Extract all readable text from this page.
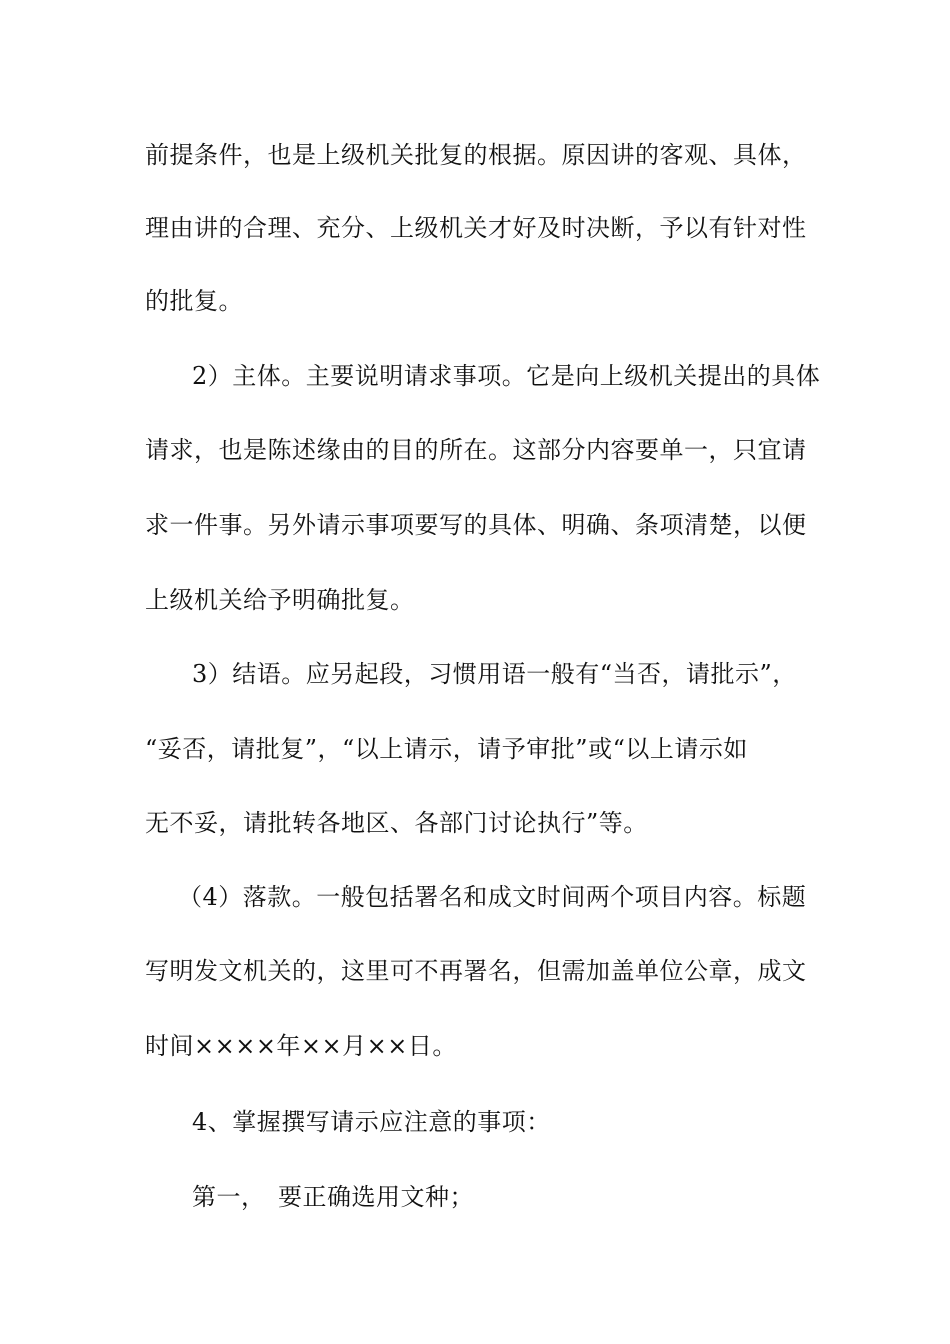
前提条件，也是上级机关批复的根据。原因讲的客观、具体，
理由讲的合理、充分、上级机关才好及时决断，予以有针对性
的批复。
2）主体。主要说明请求事项。它是向上级机关提出的具体
请求，也是陈述缘由的目的所在。这部分内容要单一，只宜请
求一件事。另外请示事项要写的具体、明确、条项清楚，以便
上级机关给予明确批复。
3）结语。应另起段，习惯用语一般有“当否，请批示”，
“妥否，请批复”，“以上请示，请予审批”或“以上请示如
无不妥，请批转各地区、各部门讨论执行”等。
（4）落款。一般包括署名和成文时间两个项目内容。标题
写明发文机关的，这里可不再署名，但需加盖单位公章，成文
时间××××年××月××日。
4、掌握撰写请示应注意的事项：
第一，　要正确选用文种；
